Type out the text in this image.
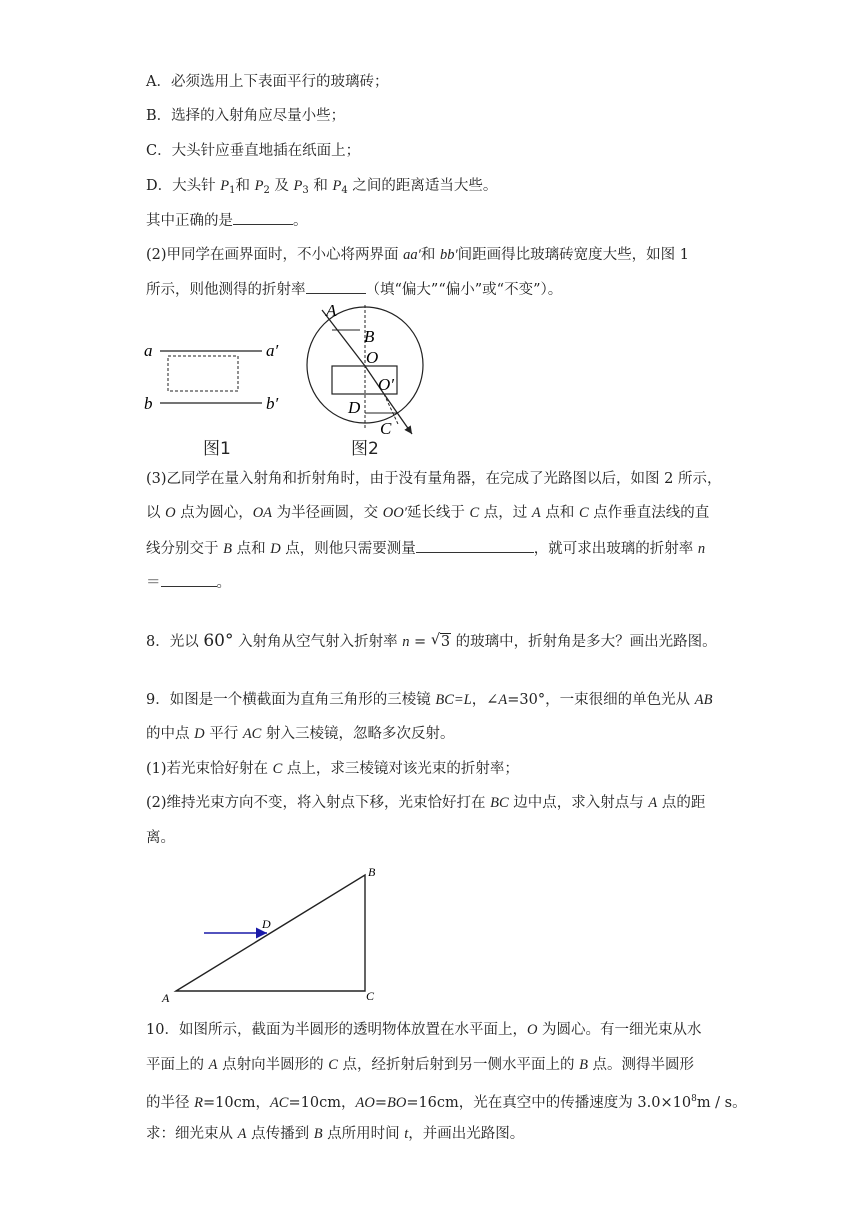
A．必须选用上下表面平行的玻璃砖；
B．选择的入射角应尽量小些；
C．大头针应垂直地插在纸面上；
D．大头针 $P_1$和 $P_2$ 及 $P_3$ 和 $P_4$ 之间的距离适当大些。
其中正确的是	。
(2)甲同学在画界面时，不小心将两界面 aa′和 bb′间距画得比玻璃砖宽度大些，如图 1
所示，则他测得的折射率	（填“偏大”“偏小”或“不变”）。
a	a′
b	b′
图1
A
B
O
O′
D
C
图2
(3)乙同学在量入射角和折射角时，由于没有量角器，在完成了光路图以后，如图 2 所示，
以 O 点为圆心，OA 为半径画圆，交 OO′延长线于 C 点，过 A 点和 C 点作垂直法线的直
线分别交于 B 点和 D 点，则他只需要测量	，就可求出玻璃的折射率 n
＝	。
8．光以 60° 入射角从空气射入折射率 n = √ 3 的玻璃中，折射角是多大？画出光路图。
9．如图是一个横截面为直角三角形的三棱镜 BC=L，∠A=30°，一束很细的单色光从 AB
的中点 D 平行 AC 射入三棱镜，忽略多次反射。
(1)若光束恰好射在 C 点上，求三棱镜对该光束的折射率；
(2)维持光束方向不变，将入射点下移，光束恰好打在 BC 边中点，求入射点与 A 点的距
离。
A
B
C
D
10．如图所示，截面为半圆形的透明物体放置在水平面上，O 为圆心。有一细光束从水
平面上的 A 点射向半圆形的 C 点，经折射后射到另一侧水平面上的 B 点。测得半圆形
的半径 R=10cm，AC=10cm，AO=BO=16cm，光在真空中的传播速度为 $3.0\times 10^8m / s$。
求：细光束从 A 点传播到 B 点所用时间 t，并画出光路图。
